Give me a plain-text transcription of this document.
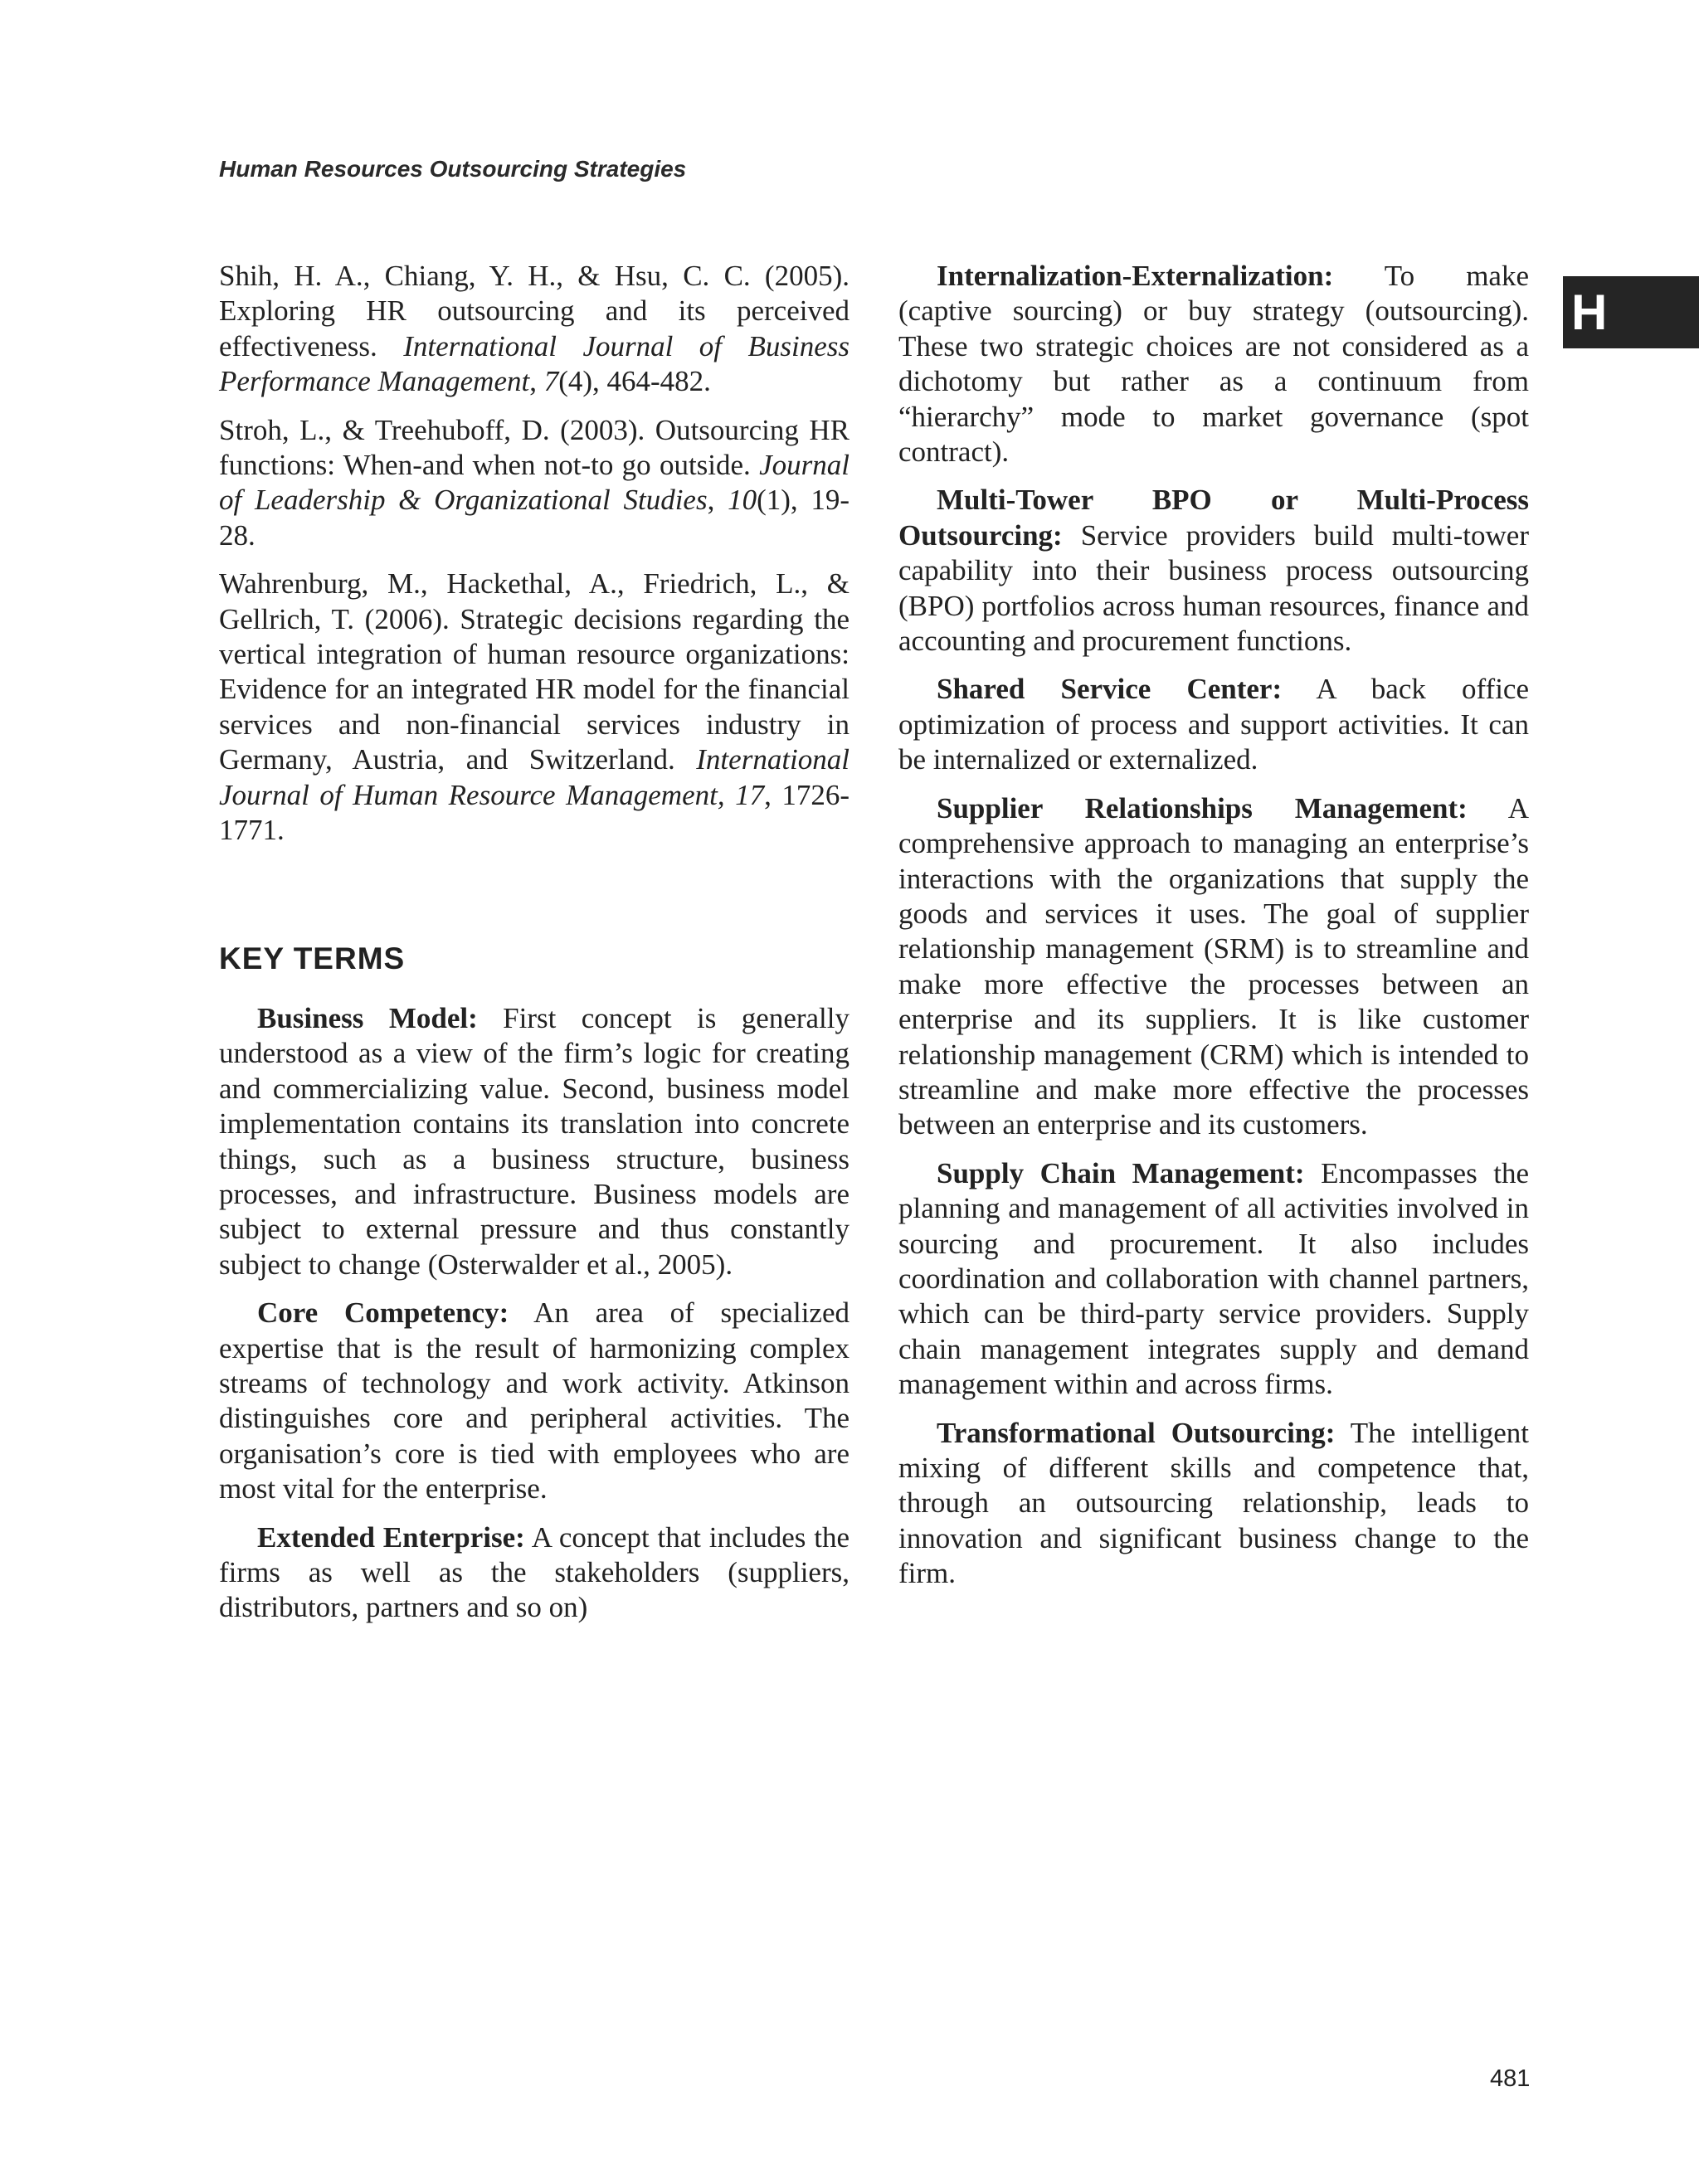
Human Resources Outsourcing Strategies
H

Shih, H. A., Chiang, Y. H., & Hsu, C. C. (2005). Exploring HR outsourcing and its perceived effectiveness. International Journal of Business Performance Management, 7(4), 464-482.

Stroh, L., & Treehuboff, D. (2003). Outsourcing HR functions: When-and when not-to go outside. Journal of Leadership & Organizational Studies, 10(1), 19-28.

Wahrenburg, M., Hackethal, A., Friedrich, L., & Gellrich, T. (2006). Strategic decisions regarding the vertical integration of human resource organizations: Evidence for an integrated HR model for the financial services and non-financial services industry in Germany, Austria, and Switzerland. International Journal of Human Resource Management, 17, 1726-1771.

KEY TERMS

Business Model: First concept is generally understood as a view of the firm’s logic for creating and commercializing value. Second, business model implementation contains its translation into concrete things, such as a business structure, business processes, and infrastructure. Business models are subject to external pressure and thus constantly subject to change (Osterwalder et al., 2005).

Core Competency: An area of specialized expertise that is the result of harmonizing complex streams of technology and work activity. Atkinson distinguishes core and peripheral activities. The organisation’s core is tied with employees who are most vital for the enterprise.

Extended Enterprise: A concept that includes the firms as well as the stakeholders (suppliers, distributors, partners and so on)

Internalization-Externalization: To make (captive sourcing) or buy strategy (outsourcing). These two strategic choices are not considered as a dichotomy but rather as a continuum from “hierarchy” mode to market governance (spot contract).

Multi-Tower BPO or Multi-Process Outsourcing: Service providers build multi-tower capability into their business process outsourcing (BPO) portfolios across human resources, finance and accounting and procurement functions.

Shared Service Center: A back office optimization of process and support activities. It can be internalized or externalized.

Supplier Relationships Management: A comprehensive approach to managing an enterprise’s interactions with the organizations that supply the goods and services it uses. The goal of supplier relationship management (SRM) is to streamline and make more effective the processes between an enterprise and its suppliers. It is like customer relationship management (CRM) which is intended to streamline and make more effective the processes between an enterprise and its customers.

Supply Chain Management: Encompasses the planning and management of all activities involved in sourcing and procurement. It also includes coordination and collaboration with channel partners, which can be third-party service providers. Supply chain management integrates supply and demand management within and across firms.

Transformational Outsourcing: The intelligent mixing of different skills and competence that, through an outsourcing relationship, leads to innovation and significant business change to the firm.

481
